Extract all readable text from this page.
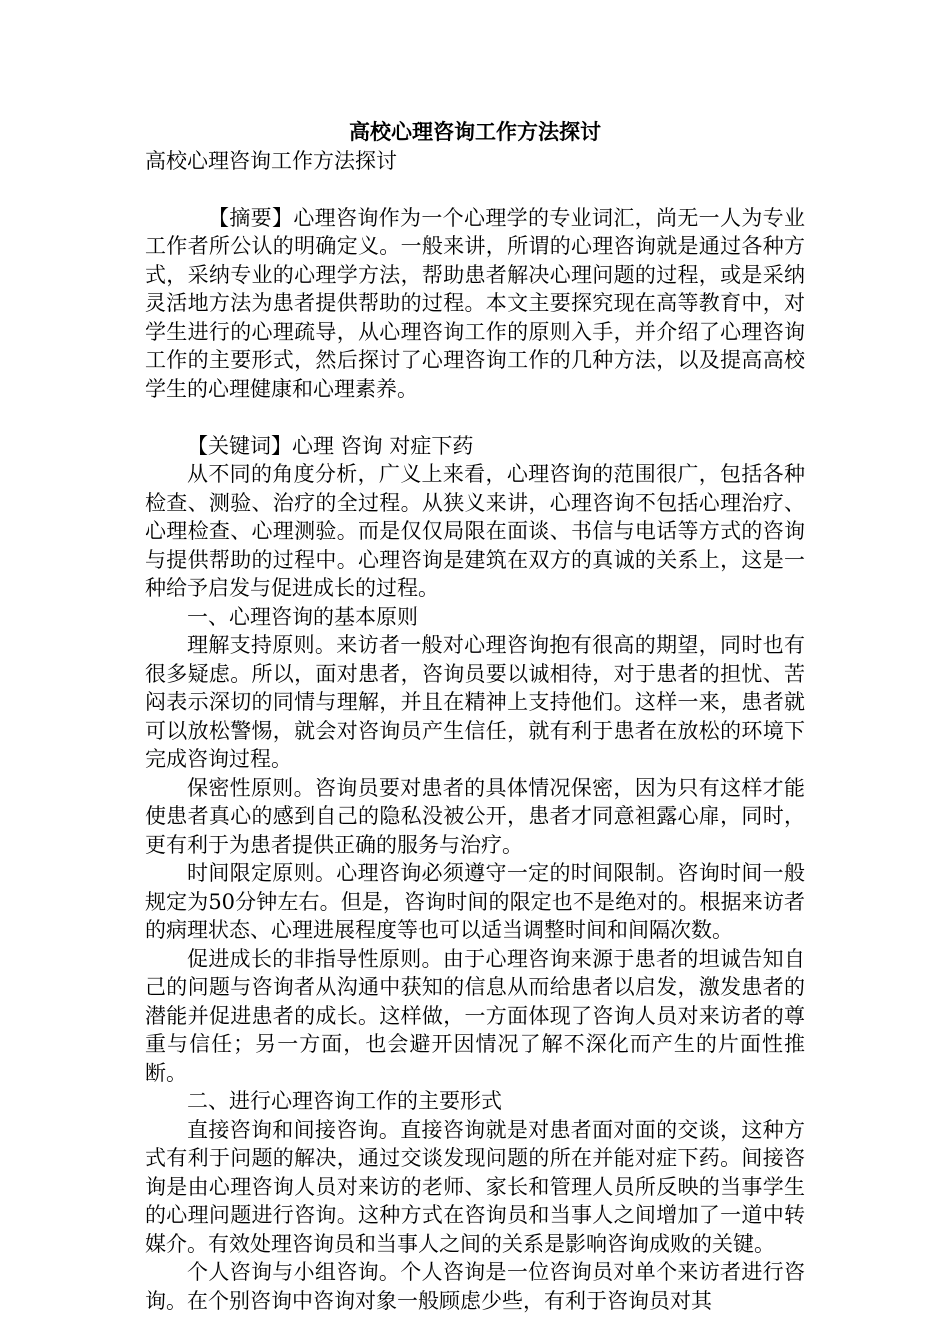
高校心理咨询工作方法探讨

高校心理咨询工作方法探讨

【摘要】心理咨询作为一个心理学的专业词汇，尚无一人为专业工作者所公认的明确定义。一般来讲，所谓的心理咨询就是通过各种方式，采纳专业的心理学方法，帮助患者解决心理问题的过程，或是采纳灵活地方法为患者提供帮助的过程。本文主要探究现在高等教育中，对学生进行的心理疏导，从心理咨询工作的原则入手，并介绍了心理咨询工作的主要形式，然后探讨了心理咨询工作的几种方法，以及提高高校学生的心理健康和心理素养。

【关键词】心理 咨询 对症下药

从不同的角度分析，广义上来看，心理咨询的范围很广，包括各种检查、测验、治疗的全过程。从狭义来讲，心理咨询不包括心理治疗、心理检查、心理测验。而是仅仅局限在面谈、书信与电话等方式的咨询与提供帮助的过程中。心理咨询是建筑在双方的真诚的关系上，这是一种给予启发与促进成长的过程。

一、心理咨询的基本原则

理解支持原则。来访者一般对心理咨询抱有很高的期望，同时也有很多疑虑。所以，面对患者，咨询员要以诚相待，对于患者的担忧、苦闷表示深切的同情与理解，并且在精神上支持他们。这样一来，患者就可以放松警惕，就会对咨询员产生信任，就有利于患者在放松的环境下完成咨询过程。

保密性原则。咨询员要对患者的具体情况保密，因为只有这样才能使患者真心的感到自己的隐私没被公开，患者才同意袒露心扉，同时，更有利于为患者提供正确的服务与治疗。

时间限定原则。心理咨询必须遵守一定的时间限制。咨询时间一般规定为50分钟左右。但是，咨询时间的限定也不是绝对的。根据来访者的病理状态、心理进展程度等也可以适当调整时间和间隔次数。

促进成长的非指导性原则。由于心理咨询来源于患者的坦诚告知自己的问题与咨询者从沟通中获知的信息从而给患者以启发，激发患者的潜能并促进患者的成长。这样做，一方面体现了咨询人员对来访者的尊重与信任；另一方面，也会避开因情况了解不深化而产生的片面性推断。

二、进行心理咨询工作的主要形式

直接咨询和间接咨询。直接咨询就是对患者面对面的交谈，这种方式有利于问题的解决，通过交谈发现问题的所在并能对症下药。间接咨询是由心理咨询人员对来访的老师、家长和管理人员所反映的当事学生的心理问题进行咨询。这种方式在咨询员和当事人之间增加了一道中转媒介。有效处理咨询员和当事人之间的关系是影响咨询成败的关键。

个人咨询与小组咨询。个人咨询是一位咨询员对单个来访者进行咨询。在个别咨询中咨询对象一般顾虑少些，有利于咨询员对其
